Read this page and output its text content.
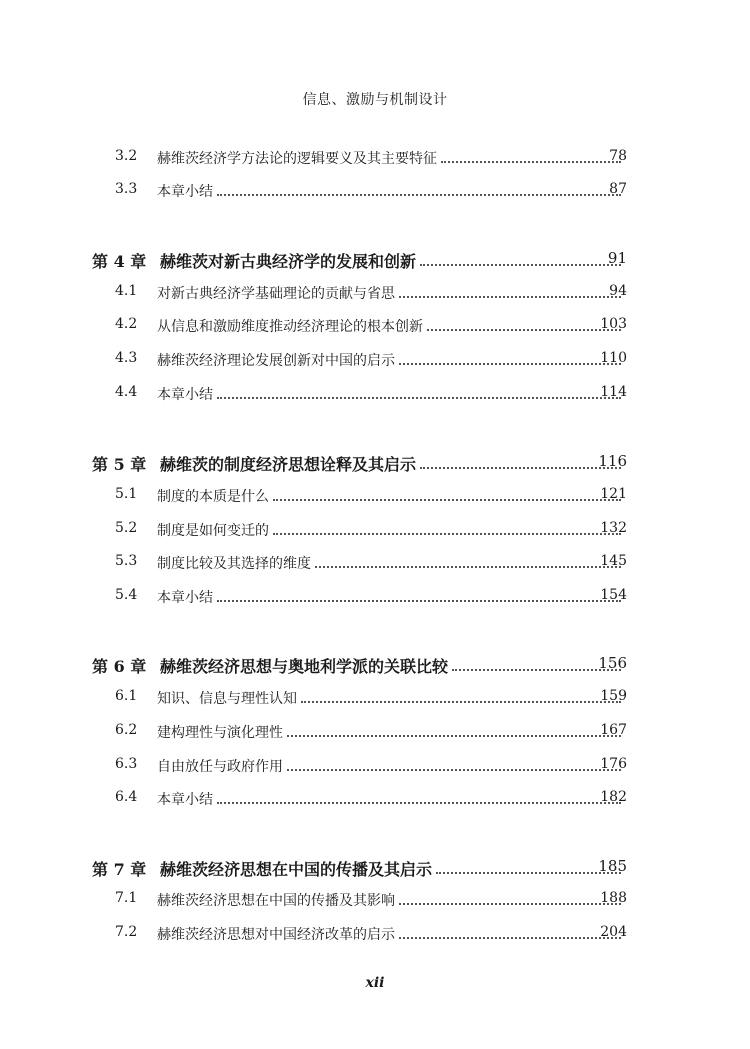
信息、激励与机制设计
3.2 赫维茨经济学方法论的逻辑要义及其主要特征	78
3.3 本章小结	87
第 4 章 赫维茨对新古典经济学的发展和创新	91
4.1 对新古典经济学基础理论的贡献与省思	94
4.2 从信息和激励维度推动经济理论的根本创新	103
4.3 赫维茨经济理论发展创新对中国的启示	110
4.4 本章小结	114
第 5 章 赫维茨的制度经济思想诠释及其启示	116
5.1 制度的本质是什么	121
5.2 制度是如何变迁的	132
5.3 制度比较及其选择的维度	145
5.4 本章小结	154
第 6 章 赫维茨经济思想与奥地利学派的关联比较	156
6.1 知识、信息与理性认知	159
6.2 建构理性与演化理性	167
6.3 自由放任与政府作用	176
6.4 本章小结	182
第 7 章 赫维茨经济思想在中国的传播及其启示	185
7.1 赫维茨经济思想在中国的传播及其影响	188
7.2 赫维茨经济思想对中国经济改革的启示	204
xii
